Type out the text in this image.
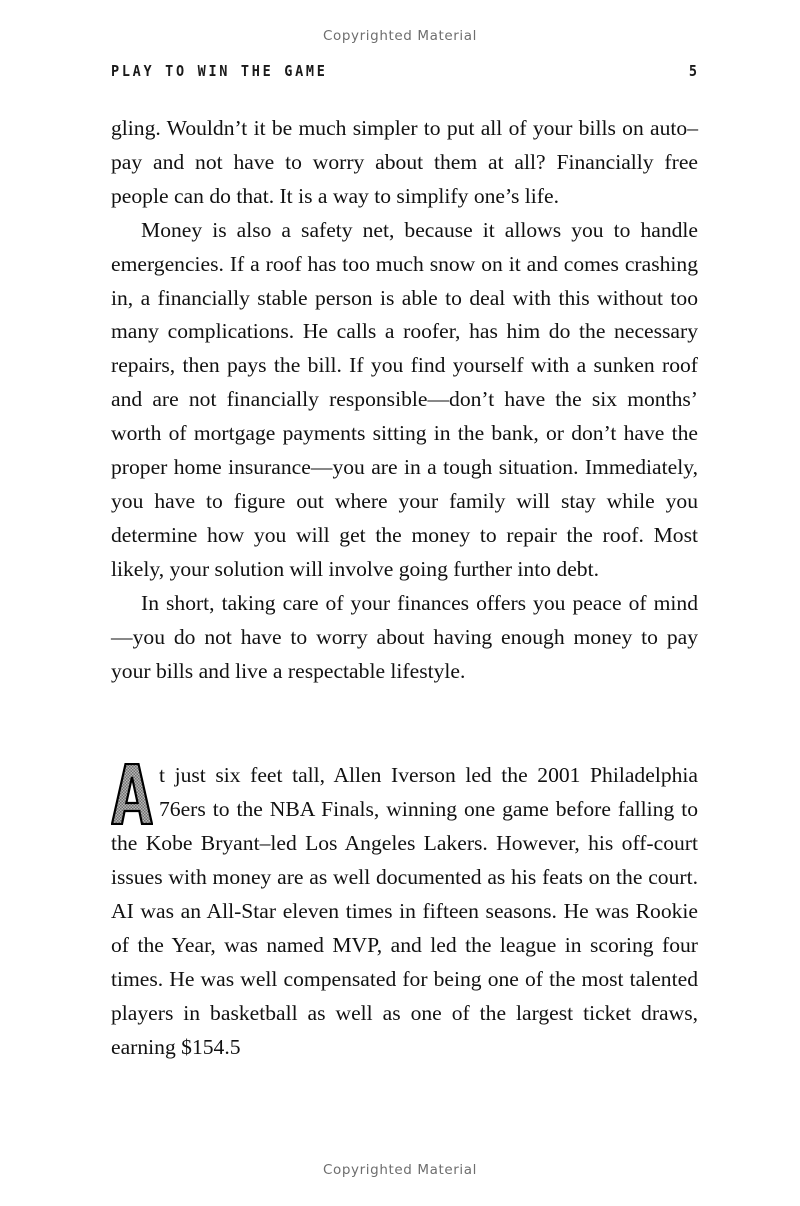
Copyrighted Material
PLAY TO WIN THE GAME	5

gling. Wouldn’t it be much simpler to put all of your bills on auto–pay and not have to worry about them at all? Financially free people can do that. It is a way to simplify one’s life.

Money is also a safety net, because it allows you to handle emergencies. If a roof has too much snow on it and comes crashing in, a financially stable person is able to deal with this without too many complications. He calls a roofer, has him do the necessary repairs, then pays the bill. If you find yourself with a sunken roof and are not financially responsible—don’t have the six months’ worth of mortgage payments sitting in the bank, or don’t have the proper home insurance—you are in a tough situation. Immediately, you have to figure out where your family will stay while you determine how you will get the money to repair the roof. Most likely, your solution will involve going further into debt.

In short, taking care of your finances offers you peace of mind—you do not have to worry about having enough money to pay your bills and live a respectable lifestyle.

t just six feet tall, Allen Iverson led the 2001 Philadelphia 76ers to the NBA Finals, winning one game before falling to the Kobe Bryant–led Los Angeles Lakers. However, his off-court issues with money are as well documented as his feats on the court. AI was an All-Star eleven times in fifteen seasons. He was Rookie of the Year, was named MVP, and led the league in scoring four times. He was well compensated for being one of the most talented players in basketball as well as one of the largest ticket draws, earning $154.5

Copyrighted Material
